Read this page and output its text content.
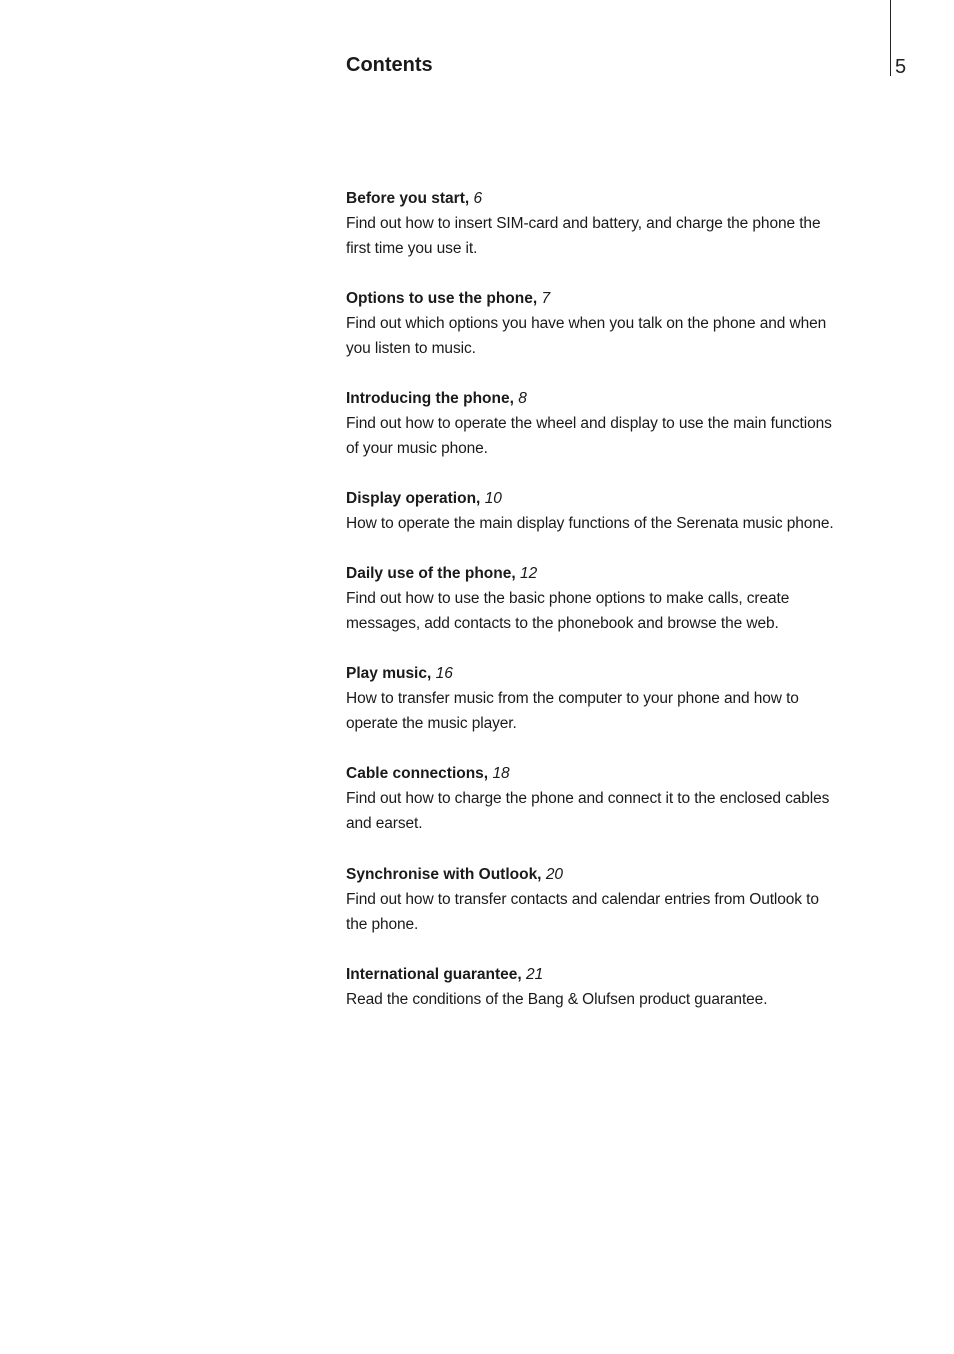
5
Contents
Before you start, 6
Find out how to insert SIM-card and battery, and charge the phone the
first time you use it.
Options to use the phone, 7
Find out which options you have when you talk on the phone and when
you listen to music.
Introducing the phone, 8
Find out how to operate the wheel and display to use the main functions
of your music phone.
Display operation, 10
How to operate the main display functions of the Serenata music phone.
Daily use of the phone, 12
Find out how to use the basic phone options to make calls, create
messages, add contacts to the phonebook and browse the web.
Play music, 16
How to transfer music from the computer to your phone and how to
operate the music player.
Cable connections, 18
Find out how to charge the phone and connect it to the enclosed cables
and earset.
Synchronise with Outlook, 20
Find out how to transfer contacts and calendar entries from Outlook to
the phone.
International guarantee, 21
Read the conditions of the Bang & Olufsen product guarantee.
